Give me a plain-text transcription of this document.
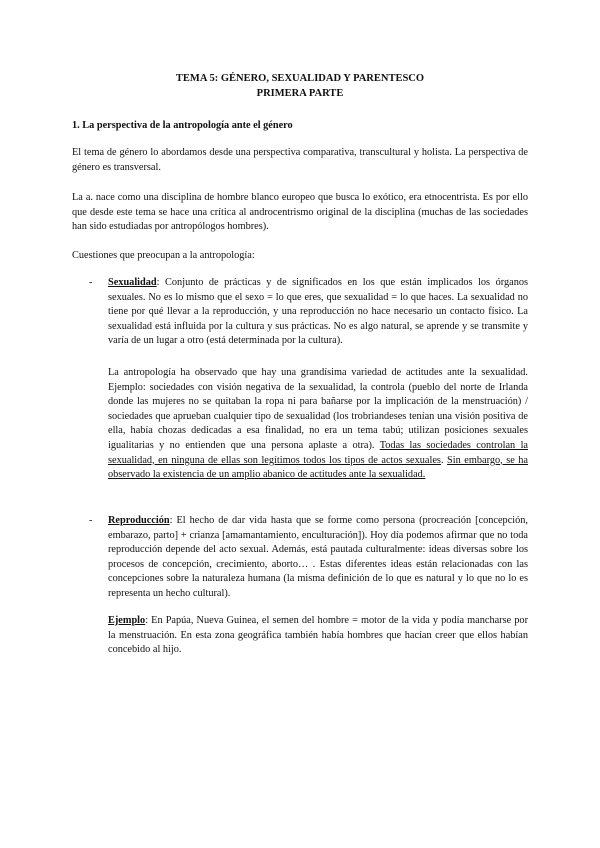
TEMA 5: GÉNERO, SEXUALIDAD Y PARENTESCO
PRIMERA PARTE
1. La perspectiva de la antropología ante el género
El tema de género lo abordamos desde una perspectiva comparativa, transcultural y holista. La perspectiva de género es transversal.
La a. nace como una disciplina de hombre blanco europeo que busca lo exótico, era etnocentrista. Es por ello que desde este tema se hace una crítica al androcentrismo original de la disciplina (muchas de las sociedades han sido estudiadas por antropólogos hombres).
Cuestiones que preocupan a la antropología:
- Sexualidad: Conjunto de prácticas y de significados en los que están implicados los órganos sexuales. No es lo mismo que el sexo = lo que eres, que sexualidad = lo que haces. La sexualidad no tiene por qué llevar a la reproducción, y una reproducción no hace necesario un contacto físico. La sexualidad está influida por la cultura y sus prácticas. No es algo natural, se aprende y se transmite y varía de un lugar a otro (está determinada por la cultura).
La antropología ha observado que hay una grandísima variedad de actitudes ante la sexualidad. Ejemplo: sociedades con visión negativa de la sexualidad, la controla (pueblo del norte de Irlanda donde las mujeres no se quitaban la ropa ni para bañarse por la implicación de la menstruación) / sociedades que aprueban cualquier tipo de sexualidad (los trobriandeses tenían una visión positiva de ella, había chozas dedicadas a esa finalidad, no era un tema tabú; utilizan posiciones sexuales igualitarias y no entienden que una persona aplaste a otra). Todas las sociedades controlan la sexualidad, en ninguna de ellas son legítimos todos los tipos de actos sexuales. Sin embargo, se ha observado la existencia de un amplio abanico de actitudes ante la sexualidad.
- Reproducción: El hecho de dar vida hasta que se forme como persona (procreación [concepción, embarazo, parto] + crianza [amamantamiento, enculturación]). Hoy día podemos afirmar que no toda reproducción depende del acto sexual. Además, está pautada culturalmente: ideas diversas sobre los procesos de concepción, crecimiento, aborto… . Estas diferentes ideas están relacionadas con las concepciones sobre la naturaleza humana (la misma definición de lo que es natural y lo que no lo es representa un hecho cultural).
Ejemplo: En Papúa, Nueva Guinea, el semen del hombre = motor de la vida y podía mancharse por la menstruación. En esta zona geográfica también había hombres que hacían creer que ellos habían concebido al hijo.
